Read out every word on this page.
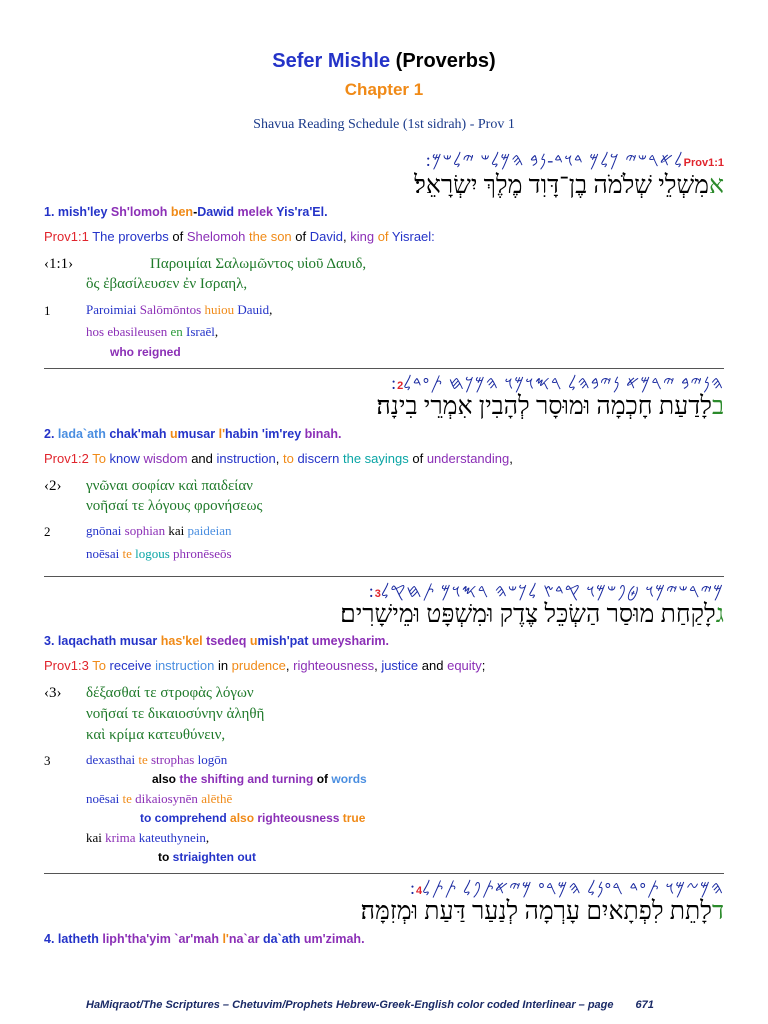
Sefer Mishle (Proverbs)
Chapter 1
Shavua Reading Schedule (1st sidrah) - Prov 1
:𐤋𐤀𐤓𐤔𐤉 𐤊𐤋𐤌 𐤃𐤅𐤃-𐤍𐤁 𐤄𐤌𐤋𐤔 𐤉𐤋𐤔𐤌Prov1:1
אמִשְׁלֵי שְׁלֹמֹה בֶן־דָּוִד מֶלֶךְ יִשְׂרָאֵל׃
1. mish'ley Sh'lomoh ben-Dawid melek Yis'ra'El.
Prov1:1 The proverbs of Shelomoh the son of David, king of Yisrael:
‹1:1›	Παροιμίαι Σαλωμῶντος υἱοῦ Δαυιδ,
ὃς ἐβασίλευσεν ἐν Ισραηλ,
1	Paroimiai Salōmōntos huiou Dauid,
hos ebasileusen en Israēl,
who reigned
:𐤄𐤍𐤉𐤁 𐤉𐤓𐤌𐤀 𐤍𐤉𐤁𐤄𐤋 𐤓𐤎𐤅𐤌𐤅 𐤄𐤌𐤊𐤇 𐤕𐤏𐤃𐤋2
בלָדַעַת חָכְמָה וּמוּסָר לְהָבִין אִמְרֵי בִינָה׃
2. lada`ath chak'mah umusar l'habin 'im'rey binah.
Prov1:2 To know wisdom and instruction, to discern the sayings of understanding,
‹2› γνῶναι σοφίαν καὶ παιδείαν
νοῆσαί τε λόγους φρονήσεως
2	gnōnai sophian kai paideian
noēsai te logous phronēseōs
:𐤌𐤉𐤓𐤔𐤉𐤌𐤅 𐤈𐤐𐤔𐤌𐤅 𐤒𐤃𐤑 𐤋𐤊𐤔𐤄 𐤓𐤎𐤅𐤌 𐤕𐤇𐤒𐤋3
גלָקַחַת מוּסַר הַשְׂכֵּל צֶדֶק וּמִשְׁפָּט וּמֵישָׁרִים׃
3. laqachath musar has'kel tsedeq umish'pat umeysharim.
Prov1:3 To receive instruction in prudence, righteousness, justice and equity;
‹3› δέξασθαί τε στροφὰς λόγων
νοῆσαί τε δικαιοσύνην ἀληθῆ
καὶ κρίμα κατευθύνειν,
3	dexasthai te strophas logōn
also the shifting and turning of words
noēsai te dikaiosynēn alēthē
to comprehend also righteousness true
kai krima kateuthynein,
to striaighten out
:𐤄𐤌𐤆𐤌𐤅 𐤕𐤏𐤃 𐤓𐤏𐤍𐤋 𐤄𐤌𐤓𐤏 𐤌𐤉𐤀𐤕𐤐𐤋 𐤕𐤕𐤋4
דלָתֵת לִפְתָאיִם עָרְמָה לְנַעַר דַּעַת וּמְזִמָּה׃
4. latheth liph'tha'yim `ar'mah l'na`ar da`ath um'zimah.
HaMiqraot/The Scriptures – Chetuvim/Prophets Hebrew-Greek-English color coded Interlinear – page 671
